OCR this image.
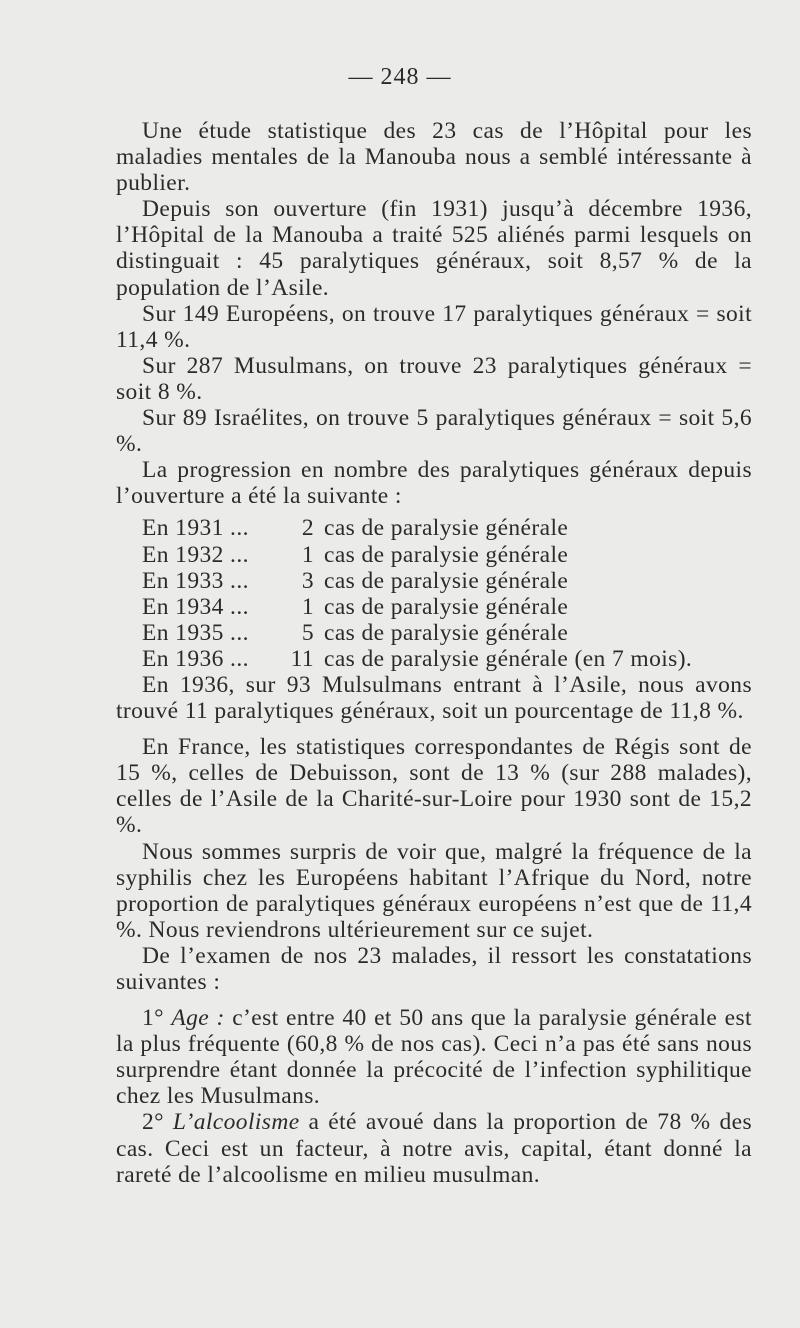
— 248 —

Une étude statistique des 23 cas de l’Hôpital pour les maladies mentales de la Manouba nous a semblé intéressante à publier.

Depuis son ouverture (fin 1931) jusqu’à décembre 1936, l’Hôpital de la Manouba a traité 525 aliénés parmi lesquels on distinguait : 45 paralytiques généraux, soit 8,57 % de la population de l’Asile.

Sur 149 Européens, on trouve 17 paralytiques généraux = soit 11,4 %.

Sur 287 Musulmans, on trouve 23 paralytiques généraux = soit 8 %.

Sur 89 Israélites, on trouve 5 paralytiques généraux = soit 5,6 %.

La progression en nombre des paralytiques généraux depuis l’ouverture a été la suivante :

En 1931 ...	2 cas de paralysie générale
En 1932 ...	1 cas de paralysie générale
En 1933 ...	3 cas de paralysie générale
En 1934 ...	1 cas de paralysie générale
En 1935 ...	5 cas de paralysie générale
En 1936 ...	11 cas de paralysie générale (en 7 mois).

En 1936, sur 93 Mulsulmans entrant à l’Asile, nous avons trouvé 11 paralytiques généraux, soit un pourcentage de 11,8 %.

En France, les statistiques correspondantes de Régis sont de 15 %, celles de Debuisson, sont de 13 % (sur 288 malades), celles de l’Asile de la Charité-sur-Loire pour 1930 sont de 15,2 %.

Nous sommes surpris de voir que, malgré la fréquence de la syphilis chez les Européens habitant l’Afrique du Nord, notre proportion de paralytiques généraux européens n’est que de 11,4 %. Nous reviendrons ultérieurement sur ce sujet.

De l’examen de nos 23 malades, il ressort les constatations suivantes :

1° Age : c’est entre 40 et 50 ans que la paralysie générale est la plus fréquente (60,8 % de nos cas). Ceci n’a pas été sans nous surprendre étant donnée la précocité de l’infection syphilitique chez les Musulmans.

2° L’alcoolisme a été avoué dans la proportion de 78 % des cas. Ceci est un facteur, à notre avis, capital, étant donné la rareté de l’alcoolisme en milieu musulman.
